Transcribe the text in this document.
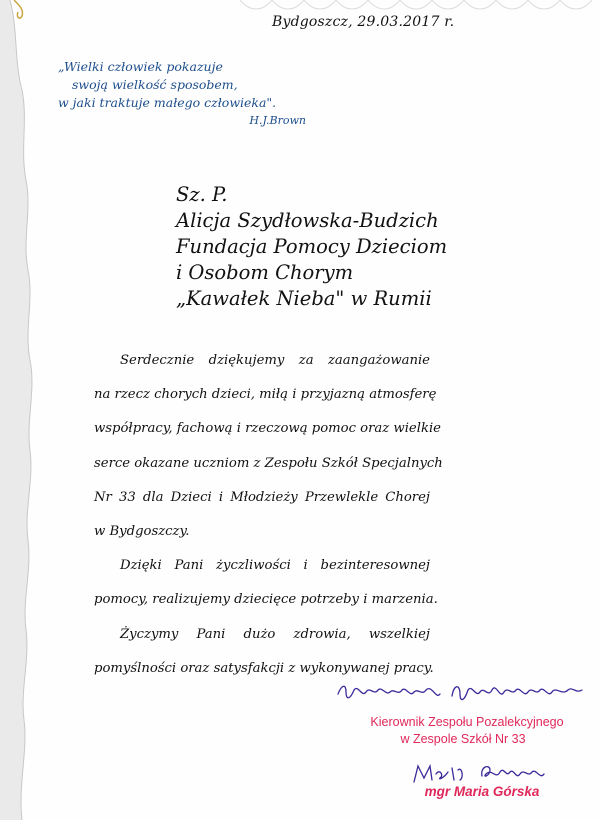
Bydgoszcz, 29.03.2017 r.
„Wielki człowiek pokazuje
swoją wielkość sposobem,
w jaki traktuje małego człowieka".
H.J.Brown
Sz. P.
Alicja Szydłowska-Budzich
Fundacja Pomocy Dzieciom
i Osobom Chorym
„Kawałek Nieba" w Rumii
Serdecznie dziękujemy za zaangażowanie
na rzecz chorych dzieci, miłą i przyjazną atmosferę
współpracy, fachową i rzeczową pomoc oraz wielkie
serce okazane uczniom z Zespołu Szkół Specjalnych
Nr 33 dla Dzieci i Młodzieży Przewlekle Chorej
w Bydgoszczy.
Dzięki Pani życzliwości i bezinteresownej
pomocy, realizujemy dziecięce potrzeby i marzenia.
Życzymy Pani dużo zdrowia, wszelkiej
pomyślności oraz satysfakcji z wykonywanej pracy.
Kierownik Zespołu Pozalekcyjnego
w Zespole Szkół Nr 33
mgr Maria Górska
